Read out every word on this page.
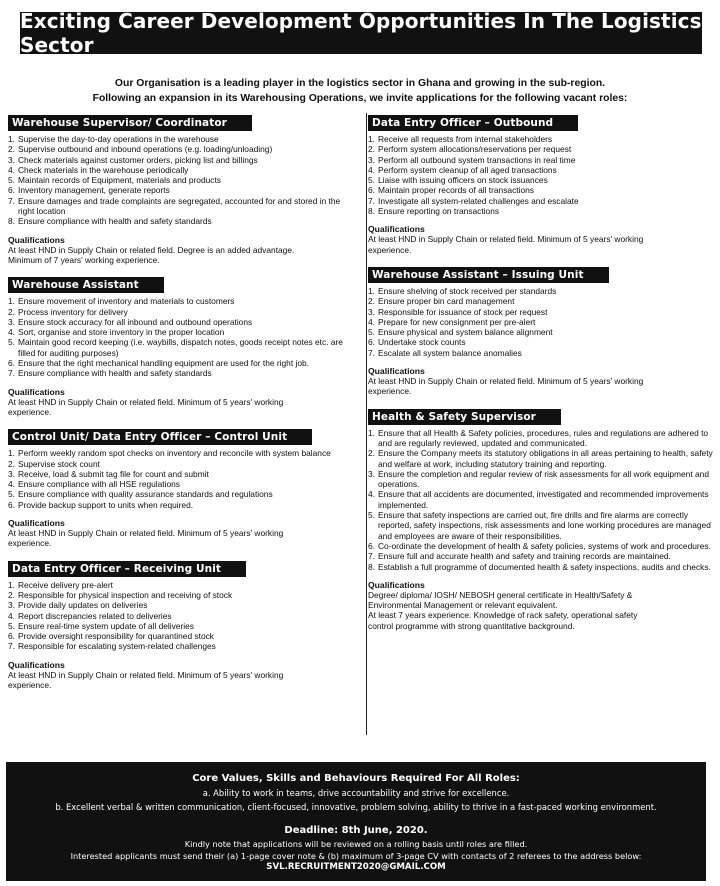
Exciting Career Development Opportunities In The Logistics Sector
Our Organisation is a leading player in the logistics sector in Ghana and growing in the sub-region.
Following an expansion in its Warehousing Operations, we invite applications for the following vacant roles:
Warehouse Supervisor/ Coordinator
1. Supervise the day-to-day operations in the warehouse
2. Supervise outbound and inbound operations (e.g. loading/unloading)
3. Check materials against customer orders, picking list and billings
4. Check materials in the warehouse periodically
5. Maintain records of Equipment, materials and products
6. Inventory management, generate reports
7. Ensure damages and trade complaints are segregated, accounted for and stored in the right location
8. Ensure compliance with health and safety standards
Qualifications
At least HND in Supply Chain or related field. Degree is an added advantage.
Minimum of 7 years' working experience.
Warehouse Assistant
1. Ensure movement of inventory and materials to customers
2. Process inventory for delivery
3. Ensure stock accuracy for all inbound and outbound operations
4. Sort, organise and store inventory in the proper location
5. Maintain good record keeping (i.e. waybills, dispatch notes, goods receipt notes etc. are filled for auditing purposes)
6. Ensure that the right mechanical handling equipment are used for the right job.
7. Ensure compliance with health and safety standards
Qualifications
At least HND in Supply Chain or related field. Minimum of 5 years' working
experience.
Control Unit/ Data Entry Officer – Control Unit
1. Perform weekly random spot checks on inventory and reconcile with system balance
2. Supervise stock count
3. Receive, load & submit tag file for count and submit
4. Ensure compliance with all HSE regulations
5. Ensure compliance with quality assurance standards and regulations
6. Provide backup support to units when required.
Qualifications
At least HND in Supply Chain or related field. Minimum of 5 years' working
experience.
Data Entry Officer – Receiving Unit
1. Receive delivery pre-alert
2. Responsible for physical inspection and receiving of stock
3. Provide daily updates on deliveries
4. Report discrepancies related to deliveries
5. Ensure real-time system update of all deliveries
6. Provide oversight responsibility for quarantined stock
7. Responsible for escalating system-related challenges
Qualifications
At least HND in Supply Chain or related field. Minimum of 5 years' working
experience.
Data Entry Officer – Outbound
1. Receive all requests from internal stakeholders
2. Perform system allocations/reservations per request
3. Perform all outbound system transactions in real time
4. Perform system cleanup of all aged transactions
5. Liaise with issuing officers on stock issuances
6. Maintain proper records of all transactions
7. Investigate all system-related challenges and escalate
8. Ensure reporting on transactions
Qualifications
At least HND in Supply Chain or related field. Minimum of 5 years' working
experience.
Warehouse Assistant – Issuing Unit
1. Ensure shelving of stock received per standards
2. Ensure proper bin card management
3. Responsible for issuance of stock per request
4. Prepare for new consignment per pre-alert
5. Ensure physical and system balance alignment
6. Undertake stock counts
7. Escalate all system balance anomalies
Qualifications
At least HND in Supply Chain or related field. Minimum of 5 years' working
experience.
Health & Safety Supervisor
1. Ensure that all Health & Safety policies, procedures, rules and regulations are adhered to and are regularly reviewed, updated and communicated.
2. Ensure the Company meets its statutory obligations in all areas pertaining to health, safety and welfare at work, including statutory training and reporting.
3. Ensure the completion and regular review of risk assessments for all work equipment and operations.
4. Ensure that all accidents are documented, investigated and recommended improvements implemented.
5. Ensure that safety inspections are carried out, fire drills and fire alarms are correctly reported, safety inspections, risk assessments and lone working procedures are managed and employees are aware of their responsibilities.
6. Co-ordinate the development of health & safety policies, systems of work and procedures.
7. Ensure full and accurate health and safety and training records are maintained.
8. Establish a full programme of documented health & safety inspections, audits and checks.
Qualifications
Degree/ diploma/ IOSH/ NEBOSH general certificate in Health/Safety &
Environmental Management or relevant equivalent.
At least 7 years experience. Knowledge of rack safety, operational safety
control programme with strong quantitative background.
Core Values, Skills and Behaviours Required For All Roles:
a. Ability to work in teams, drive accountability and strive for excellence.
b. Excellent verbal & written communication, client-focused, innovative, problem solving, ability to thrive in a fast-paced working environment.
Deadline: 8th June, 2020.
Kindly note that applications will be reviewed on a rolling basis until roles are filled.
Interested applicants must send their (a) 1-page cover note & (b) maximum of 3-page CV with contacts of 2 referees to the address below:
SVL.RECRUITMENT2020@GMAIL.COM
